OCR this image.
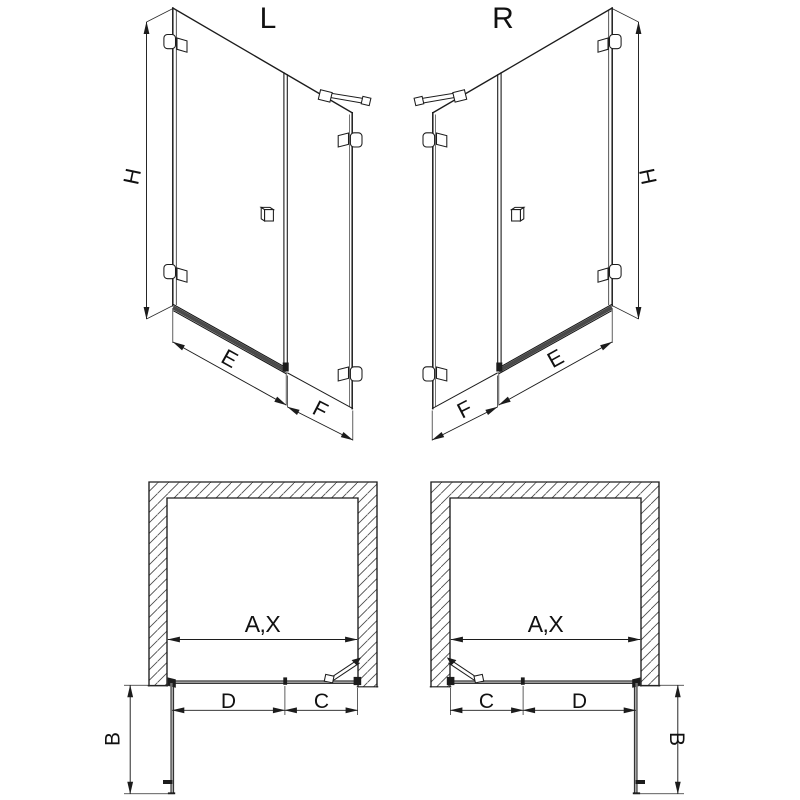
L	R
H	H
E	E
F	F
A,X	A,X
D	C	C	D
B	B
